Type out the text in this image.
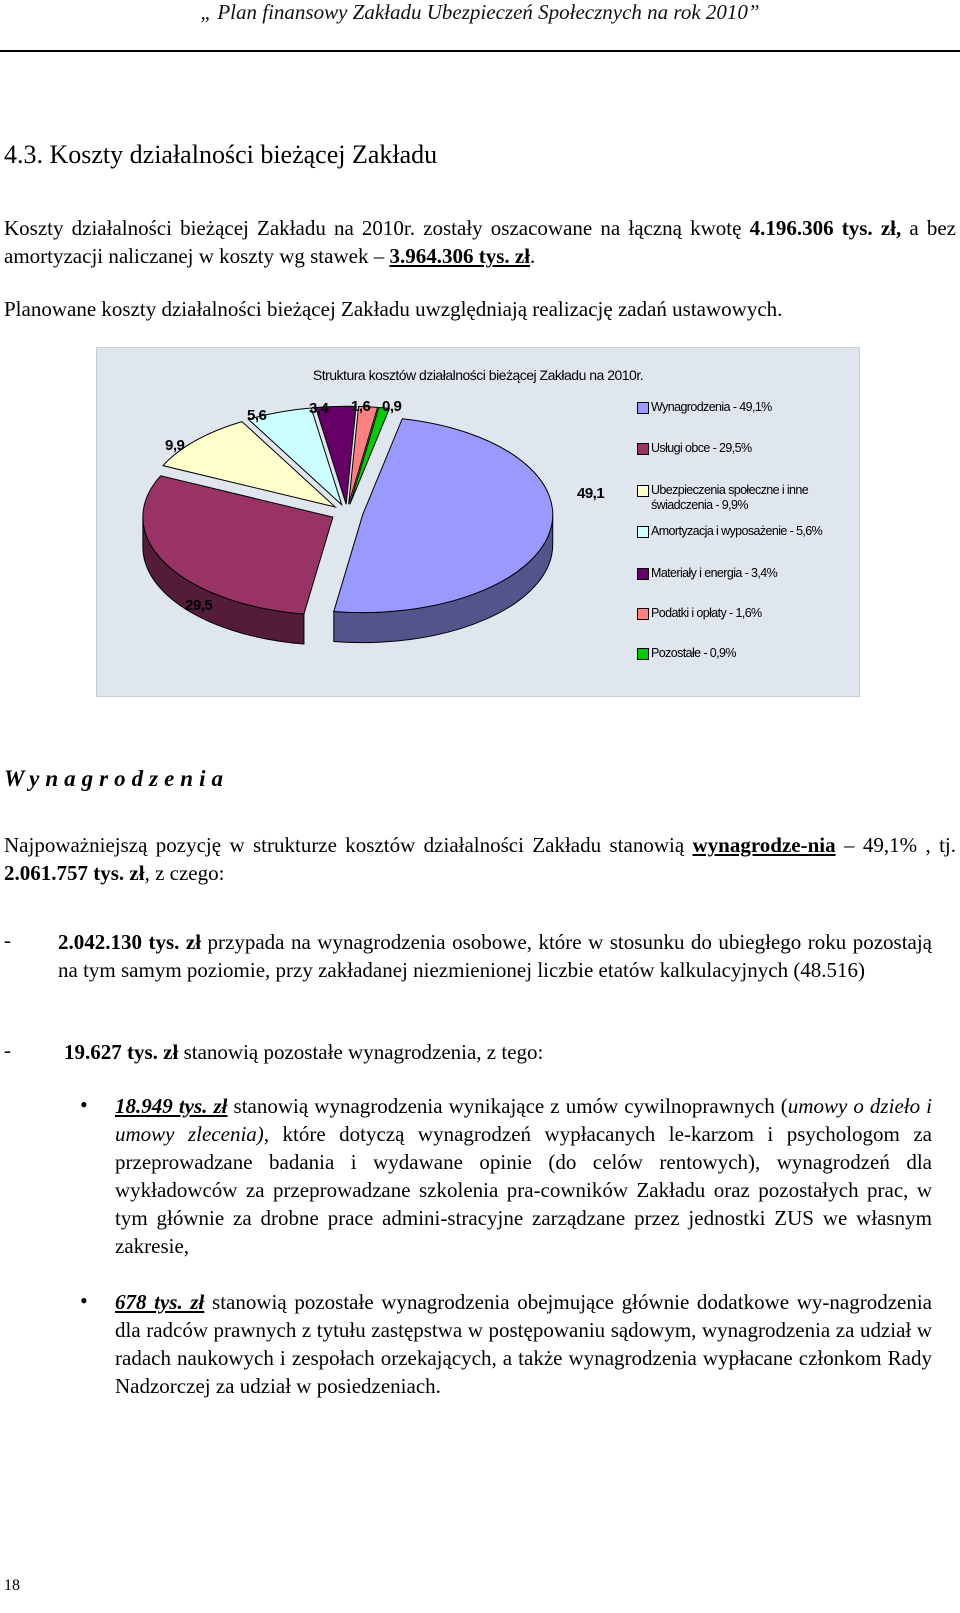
„ Plan finansowy Zakładu Ubezpieczeń Społecznych na rok 2010”
4.3. Koszty działalności bieżącej Zakładu
Koszty działalności bieżącej Zakładu na 2010r. zostały oszacowane na łączną kwotę 4.196.306 tys. zł, a bez amortyzacji naliczanej w koszty wg stawek – 3.964.306 tys. zł.
Planowane koszty działalności bieżącej Zakładu uwzględniają realizację zadań ustawowych.
Struktura kosztów działalności bieżącej Zakładu na 2010r.
49,1
29,5
9,9
5,6	3,4 1,6 0,9	Wynagrodzenia - 49,1%
Usługi obce - 29,5%
Ubezpieczenia społeczne i inne świadczenia - 9,9%
Amortyzacja i wyposażenie - 5,6%
Materiały i energia - 3,4%
Podatki i opłaty - 1,6%
Pozostałe - 0,9%
Wynagrodzenia
Najpoważniejszą pozycję w strukturze kosztów działalności Zakładu stanowią wynagrodze-nia – 49,1% , tj. 2.061.757 tys. zł, z czego:
- 2.042.130 tys. zł przypada na wynagrodzenia osobowe, które w stosunku do ubiegłego roku pozostają na tym samym poziomie, przy zakładanej niezmienionej liczbie etatów kalkulacyjnych (48.516)
-	19.627 tys. zł stanowią pozostałe wynagrodzenia, z tego:
• 18.949 tys. zł stanowią wynagrodzenia wynikające z umów cywilnoprawnych (umowy o dzieło i umowy zlecenia), które dotyczą wynagrodzeń wypłacanych le-karzom i psychologom za przeprowadzane badania i wydawane opinie (do celów rentowych), wynagrodzeń dla wykładowców za przeprowadzane szkolenia pra-cowników Zakładu oraz pozostałych prac, w tym głównie za drobne prace admini-stracyjne zarządzane przez jednostki ZUS we własnym zakresie,
• 678 tys. zł stanowią pozostałe wynagrodzenia obejmujące głównie dodatkowe wy-nagrodzenia dla radców prawnych z tytułu zastępstwa w postępowaniu sądowym, wynagrodzenia za udział w radach naukowych i zespołach orzekających, a także wynagrodzenia wypłacane członkom Rady Nadzorczej za udział w posiedzeniach.
18
